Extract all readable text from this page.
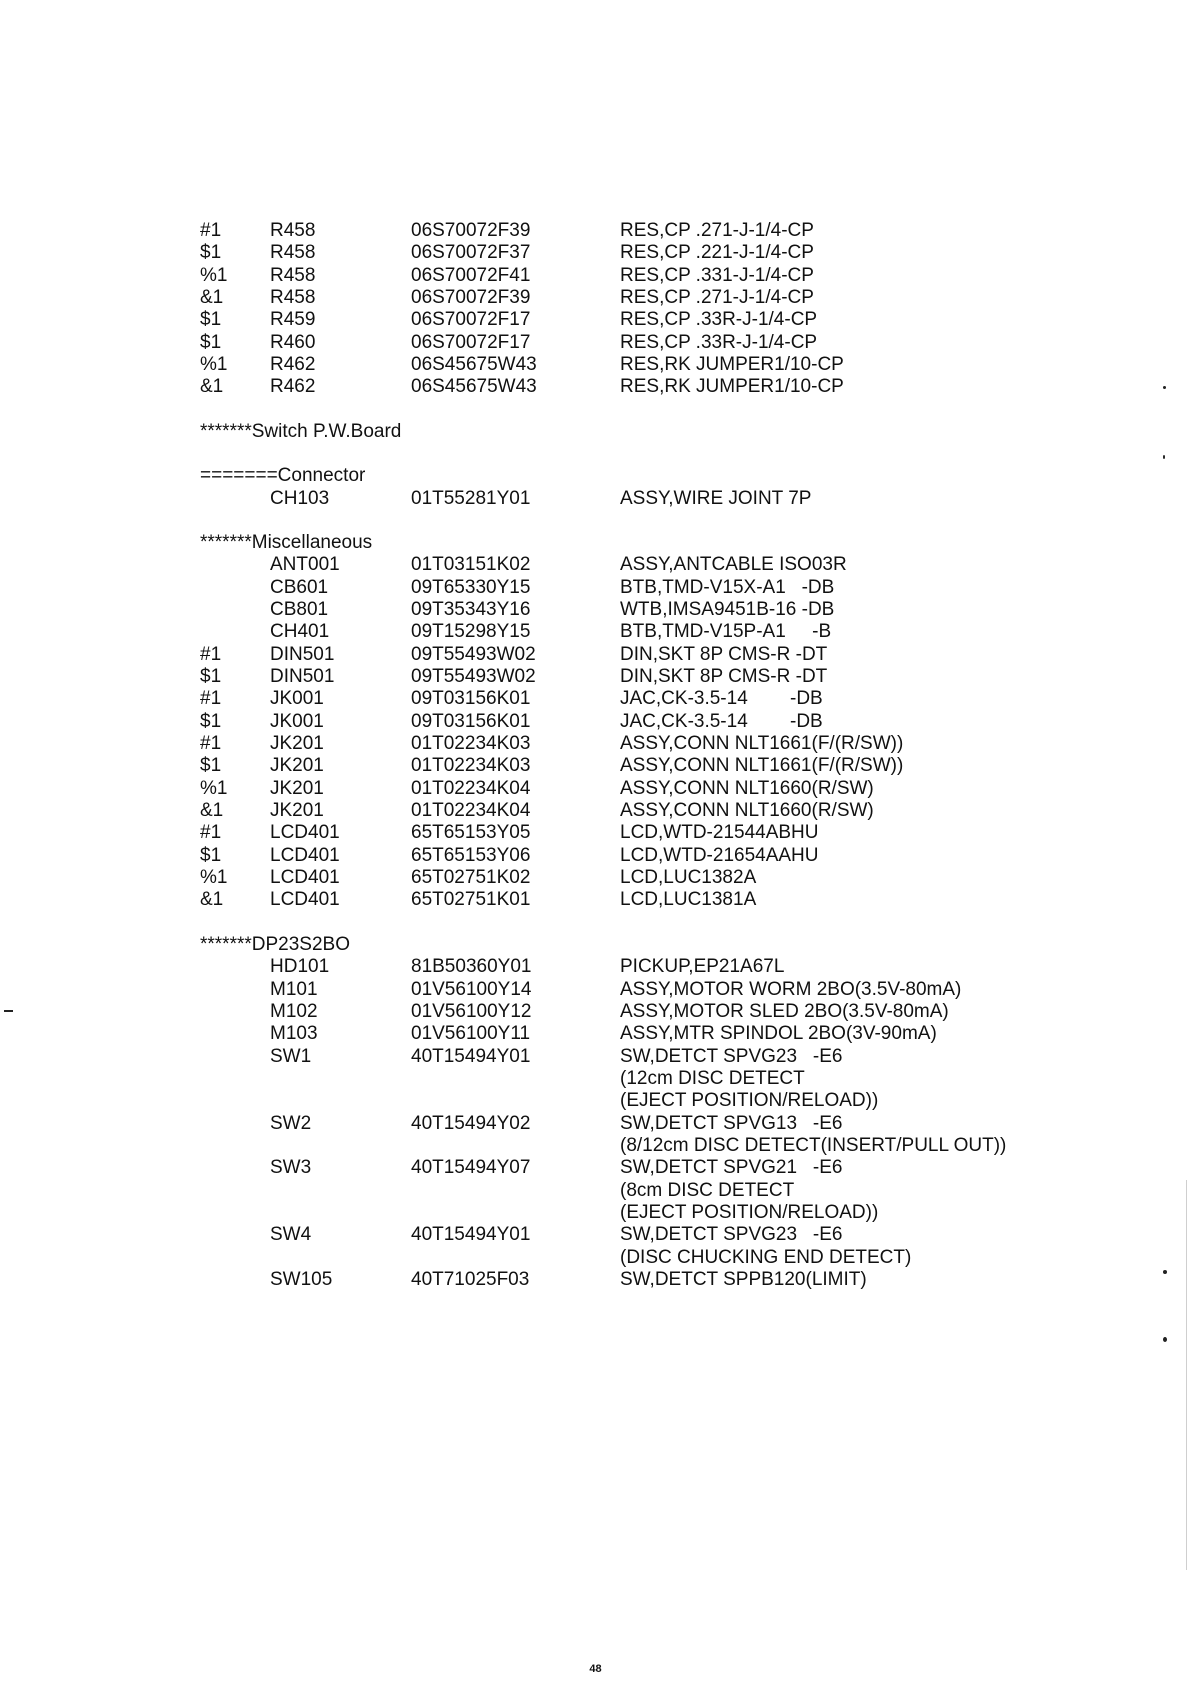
#1	R458	06S70072F39	RES,CP .271-J-1/4-CP
$1	R458	06S70072F37	RES,CP .221-J-1/4-CP
%1 R458	06S70072F41	RES,CP .331-J-1/4-CP
&1 R458	06S70072F39	RES,CP .271-J-1/4-CP
$1	R459	06S70072F17	RES,CP .33R-J-1/4-CP
$1	R460	06S70072F17	RES,CP .33R-J-1/4-CP
%1 R462	06S45675W43	RES,RK JUMPER1/10-CP
&1 R462	06S45675W43	RES,RK JUMPER1/10-CP
*******Switch P.W.Board
=======Connector
CH103	01T55281Y01	ASSY,WIRE JOINT 7P
*******Miscellaneous
ANT001	01T03151K02	ASSY,ANTCABLE ISO03R
CB601	09T65330Y15	BTB,TMD-V15X-A1   -DB
CB801	09T35343Y16	WTB,IMSA9451B-16 -DB
CH401	09T15298Y15	BTB,TMD-V15P-A1     -B
#1	DIN501	09T55493W02	DIN,SKT 8P CMS-R -DT
$1	DIN501	09T55493W02	DIN,SKT 8P CMS-R -DT
#1	JK001	09T03156K01	JAC,CK-3.5-14        -DB
$1	JK001	09T03156K01	JAC,CK-3.5-14        -DB
#1	JK201	01T02234K03	ASSY,CONN NLT1661(F/(R/SW))
$1	JK201	01T02234K03	ASSY,CONN NLT1661(F/(R/SW))
%1 JK201	01T02234K04	ASSY,CONN NLT1660(R/SW)
&1 JK201	01T02234K04	ASSY,CONN NLT1660(R/SW)
#1	LCD401	65T65153Y05	LCD,WTD-21544ABHU
$1	LCD401	65T65153Y06	LCD,WTD-21654AAHU
%1 LCD401	65T02751K02	LCD,LUC1382A
&1 LCD401	65T02751K01	LCD,LUC1381A
*******DP23S2BO
HD101	81B50360Y01	PICKUP,EP21A67L
M101	01V56100Y14	ASSY,MOTOR WORM 2BO(3.5V-80mA)
M102	01V56100Y12	ASSY,MOTOR SLED 2BO(3.5V-80mA)
M103	01V56100Y11	ASSY,MTR SPINDOL 2BO(3V-90mA)
SW1	40T15494Y01	SW,DETCT SPVG23   -E6
(12cm DISC DETECT
(EJECT POSITION/RELOAD))
SW2	40T15494Y02	SW,DETCT SPVG13   -E6
(8/12cm DISC DETECT(INSERT/PULL OUT))
SW3	40T15494Y07	SW,DETCT SPVG21   -E6
(8cm DISC DETECT
(EJECT POSITION/RELOAD))
SW4	40T15494Y01	SW,DETCT SPVG23   -E6
(DISC CHUCKING END DETECT)
SW105	40T71025F03	SW,DETCT SPPB120(LIMIT)
48
